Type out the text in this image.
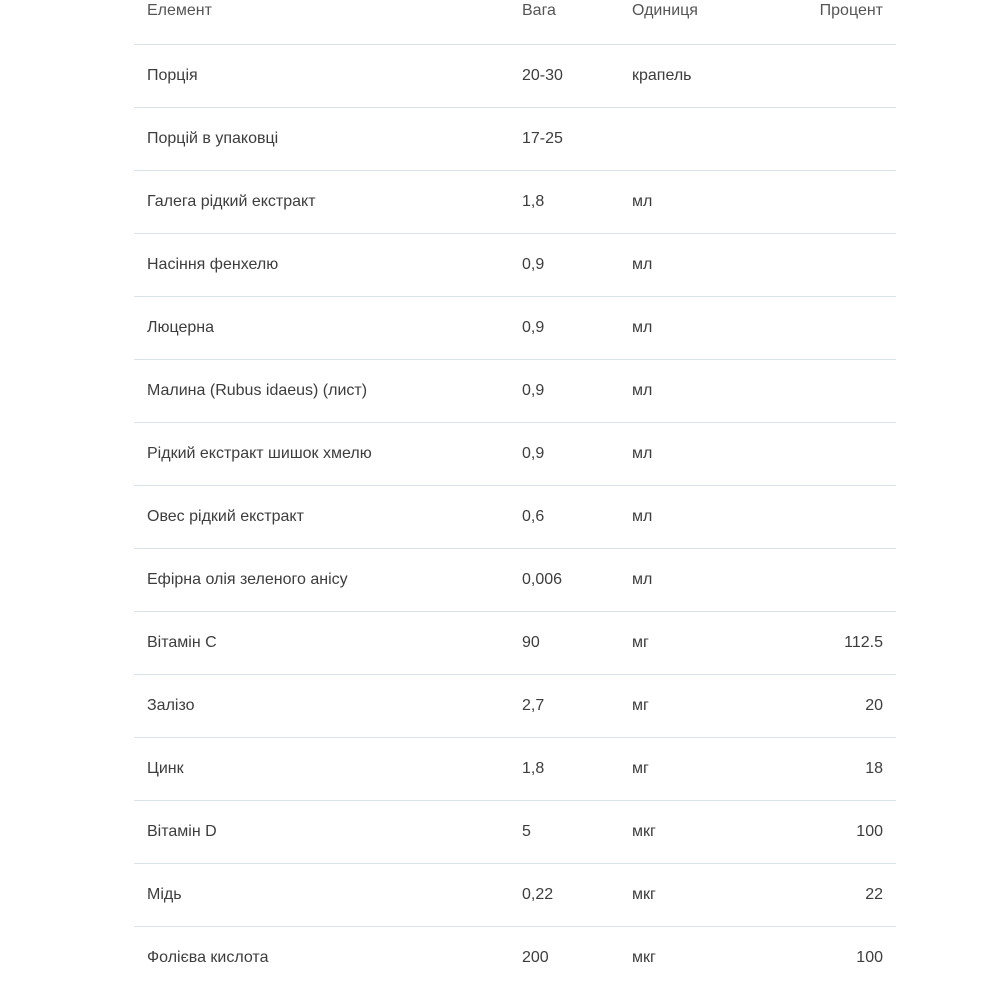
Елемент	Вага	Одиниця	Процент
Порція	20-30	крапель	
Порцій в упаковці	17-25		
Галега рідкий екстракт	1,8	мл	
Насіння фенхелю	0,9	мл	
Люцерна	0,9	мл	
Малина (Rubus idaeus) (лист)	0,9	мл	
Рідкий екстракт шишок хмелю	0,9	мл	
Овес рідкий екстракт	0,6	мл	
Ефірна олія зеленого анісу	0,006	мл	
Вітамін С	90	мг	112.5
Залізо	2,7	мг	20
Цинк	1,8	мг	18
Вітамін D	5	мкг	100
Мідь	0,22	мкг	22
Фолієва кислота	200	мкг	100
